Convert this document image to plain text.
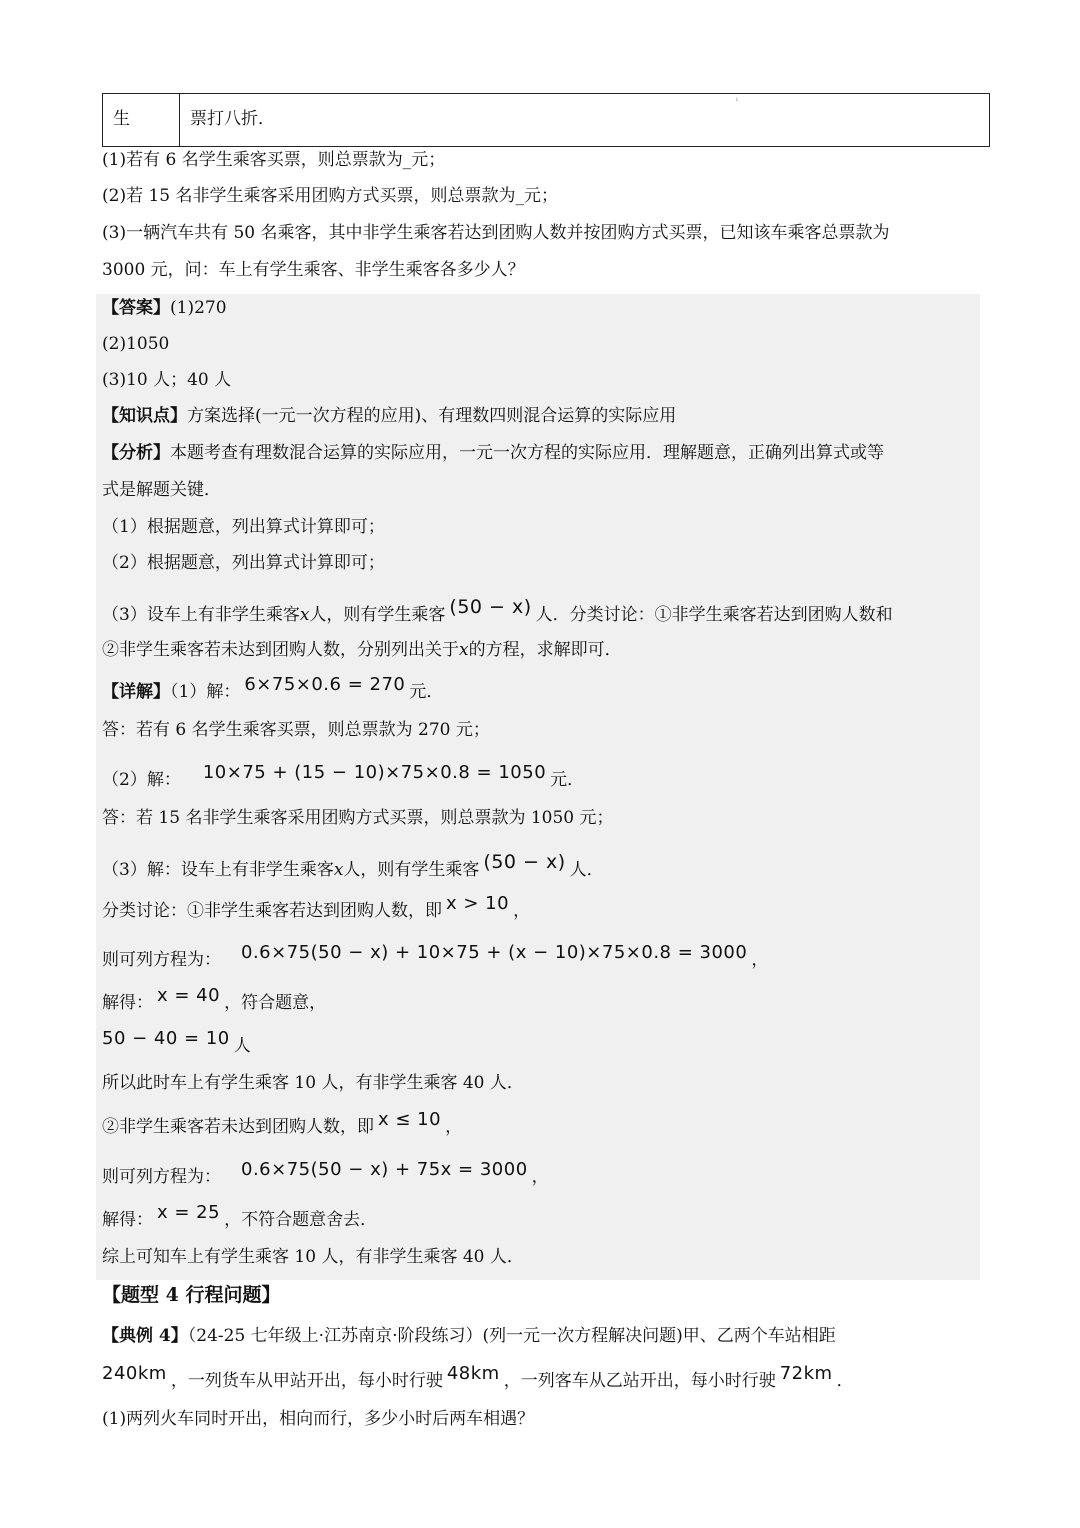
生	票打八折．
ⁱ
(1)若有 6 名学生乘客买票，则总票款为_元；
(2)若 15 名非学生乘客采用团购方式买票，则总票款为_元；
(3)一辆汽车共有 50 名乘客，其中非学生乘客若达到团购人数并按团购方式买票，已知该车乘客总票款为
3000 元，问：车上有学生乘客、非学生乘客各多少人？
【答案】(1)270
(2)1050
(3)10 人；40 人
【知识点】方案选择(一元一次方程的应用)、有理数四则混合运算的实际应用
【分析】本题考查有理数混合运算的实际应用，一元一次方程的实际应用．理解题意，正确列出算式或等
式是解题关键．
（1）根据题意，列出算式计算即可；
（2）根据题意，列出算式计算即可；
（3）设车上有非学生乘客x人，则有学生乘客 (50 − x) 人．分类讨论：①非学生乘客若达到团购人数和
②非学生乘客若未达到团购人数，分别列出关于x的方程，求解即可．
【详解】（1）解： 6×75×0.6 = 270 元．
答：若有 6 名学生乘客买票，则总票款为 270 元；
（2）解： 10×75 + (15 − 10)×75×0.8 = 1050 元．
答：若 15 名非学生乘客采用团购方式买票，则总票款为 1050 元；
（3）解：设车上有非学生乘客x人，则有学生乘客 (50 − x) 人．
分类讨论：①非学生乘客若达到团购人数，即 x > 10 ，
则可列方程为： 0.6×75(50 − x) + 10×75 + (x − 10)×75×0.8 = 3000 ，
解得： x = 40 ，符合题意，
50 − 40 = 10 人
所以此时车上有学生乘客 10 人，有非学生乘客 40 人．
②非学生乘客若未达到团购人数，即 x ≤ 10 ，
则可列方程为： 0.6×75(50 − x) + 75x = 3000 ，
解得： x = 25 ，不符合题意舍去．
综上可知车上有学生乘客 10 人，有非学生乘客 40 人．
【题型 4 行程问题】
【典例 4】（24-25 七年级上·江苏南京·阶段练习）(列一元一次方程解决问题)甲、乙两个车站相距
240km ，一列货车从甲站开出，每小时行驶 48km ，一列客车从乙站开出，每小时行驶 72km ．
(1)两列火车同时开出，相向而行，多少小时后两车相遇？
